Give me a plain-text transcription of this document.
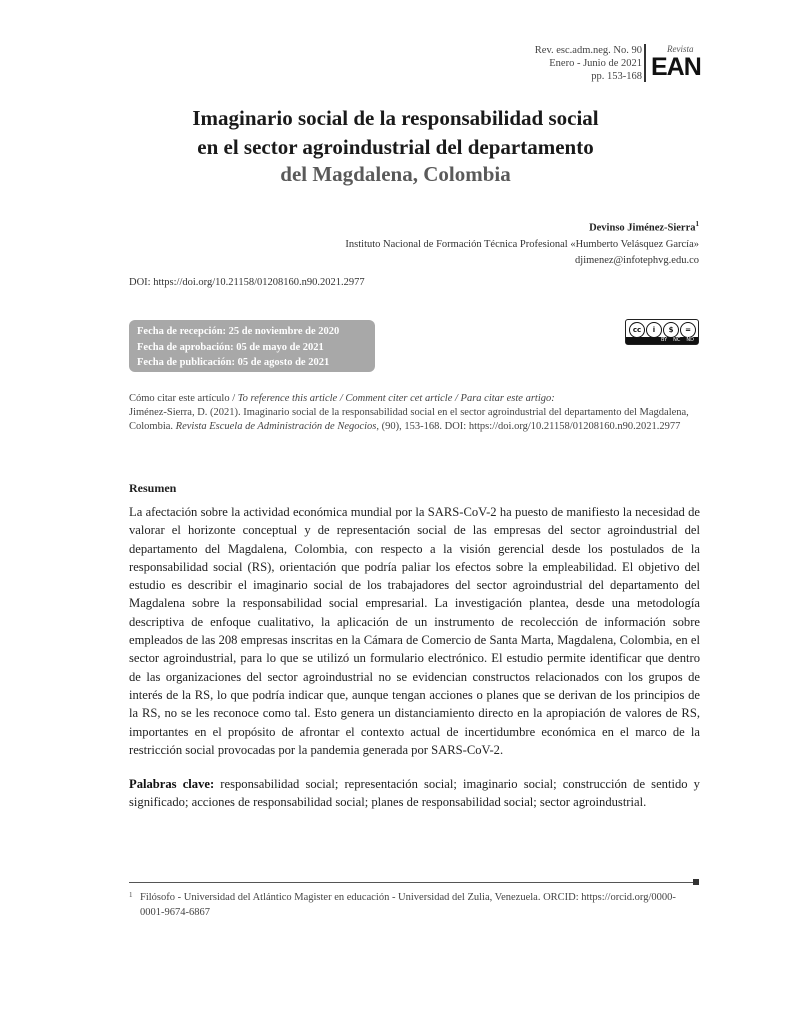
Rev. esc.adm.neg. No. 90
Enero - Junio de 2021
pp. 153-168
Revista
EAN
Imaginario social de la responsabilidad social
en el sector agroindustrial del departamento
del Magdalena, Colombia
Devinso Jiménez-Sierra$^1$
Instituto Nacional de Formación Técnica Profesional «Humberto Velásquez García»
djimenez@infotephvg.edu.co
DOI: https://doi.org/10.21158/01208160.n90.2021.2977
Fecha de recepción: 25 de noviembre de 2020
Fecha de aprobación: 05 de mayo de 2021
Fecha de publicación: 05 de agosto de 2021
cc	i	$	=
BY NC ND
Cómo citar este artículo / To reference this article / Comment citer cet article / Para citar este artigo:
Jiménez-Sierra, D. (2021). Imaginario social de la responsabilidad social en el sector agroindustrial del departamento del Magdalena, Colombia. Revista Escuela de Administración de Negocios, (90), 153-168. DOI: https://doi.org/10.21158/01208160.n90.2021.2977
Resumen
La afectación sobre la actividad económica mundial por la SARS-CoV-2 ha puesto de manifiesto la necesidad de valorar el horizonte conceptual y de representación social de las empresas del sector agroindustrial del departamento del Magdalena, Colombia, con respecto a la visión gerencial desde los postulados de la responsabilidad social (RS), orientación que podría paliar los efectos sobre la empleabilidad. El objetivo del estudio es describir el imaginario social de los trabajadores del sector agroindustrial del departamento del Magdalena sobre la responsabilidad social empresarial. La investigación plantea, desde una metodología descriptiva de enfoque cualitativo, la aplicación de un instrumento de recolección de información sobre empleados de las 208 empresas inscritas en la Cámara de Comercio de Santa Marta, Magdalena, Colombia, en el sector agroindustrial, para lo que se utilizó un formulario electrónico. El estudio permite identificar que dentro de las organizaciones del sector agroindustrial no se evidencian constructos relacionados con los grupos de interés de la RS, lo que podría indicar que, aunque tengan acciones o planes que se derivan de los principios de la RS, no se les reconoce como tal. Esto genera un distanciamiento directo en la apropiación de valores de RS, importantes en el propósito de afrontar el contexto actual de incertidumbre económica en el marco de la restricción social provocadas por la pandemia generada por SARS-CoV-2.
Palabras clave: responsabilidad social; representación social; imaginario social; construcción de sentido y significado; acciones de responsabilidad social; planes de responsabilidad social; sector agroindustrial.
1 Filósofo - Universidad del Atlántico Magister en educación - Universidad del Zulia, Venezuela. ORCID: https://orcid.org/0000-0001-9674-6867
